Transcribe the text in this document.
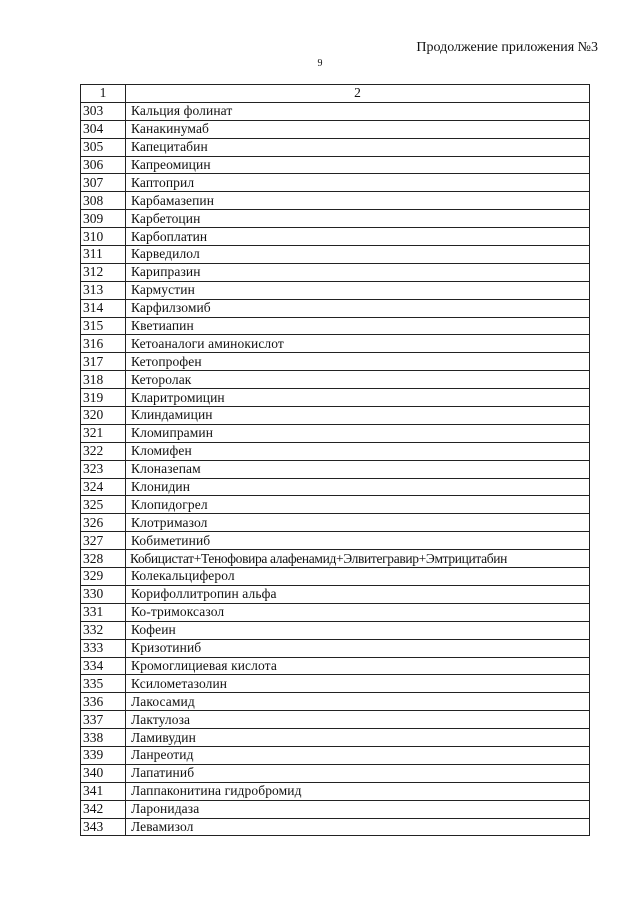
Продолжение приложения №3
9
1	2
303	Кальция фолинат
304	Канакинумаб
305	Капецитабин
306	Капреомицин
307	Каптоприл
308	Карбамазепин
309	Карбетоцин
310	Карбоплатин
311	Карведилол
312	Карипразин
313	Кармустин
314	Карфилзомиб
315	Кветиапин
316	Кетоаналоги аминокислот
317	Кетопрофен
318	Кеторолак
319	Кларитромицин
320	Клиндамицин
321	Кломипрамин
322	Кломифен
323	Клоназепам
324	Клонидин
325	Клопидогрел
326	Клотримазол
327	Кобиметиниб
328	Кобицистат+Тенофовира алафенамид+Элвитегравир+Эмтрицитабин
329	Колекальциферол
330	Корифоллитропин альфа
331	Ко-тримоксазол
332	Кофеин
333	Кризотиниб
334	Кромоглициевая кислота
335	Ксилометазолин
336	Лакосамид
337	Лактулоза
338	Ламивудин
339	Ланреотид
340	Лапатиниб
341	Лаппаконитина гидробромид
342	Ларонидаза
343	Левамизол
